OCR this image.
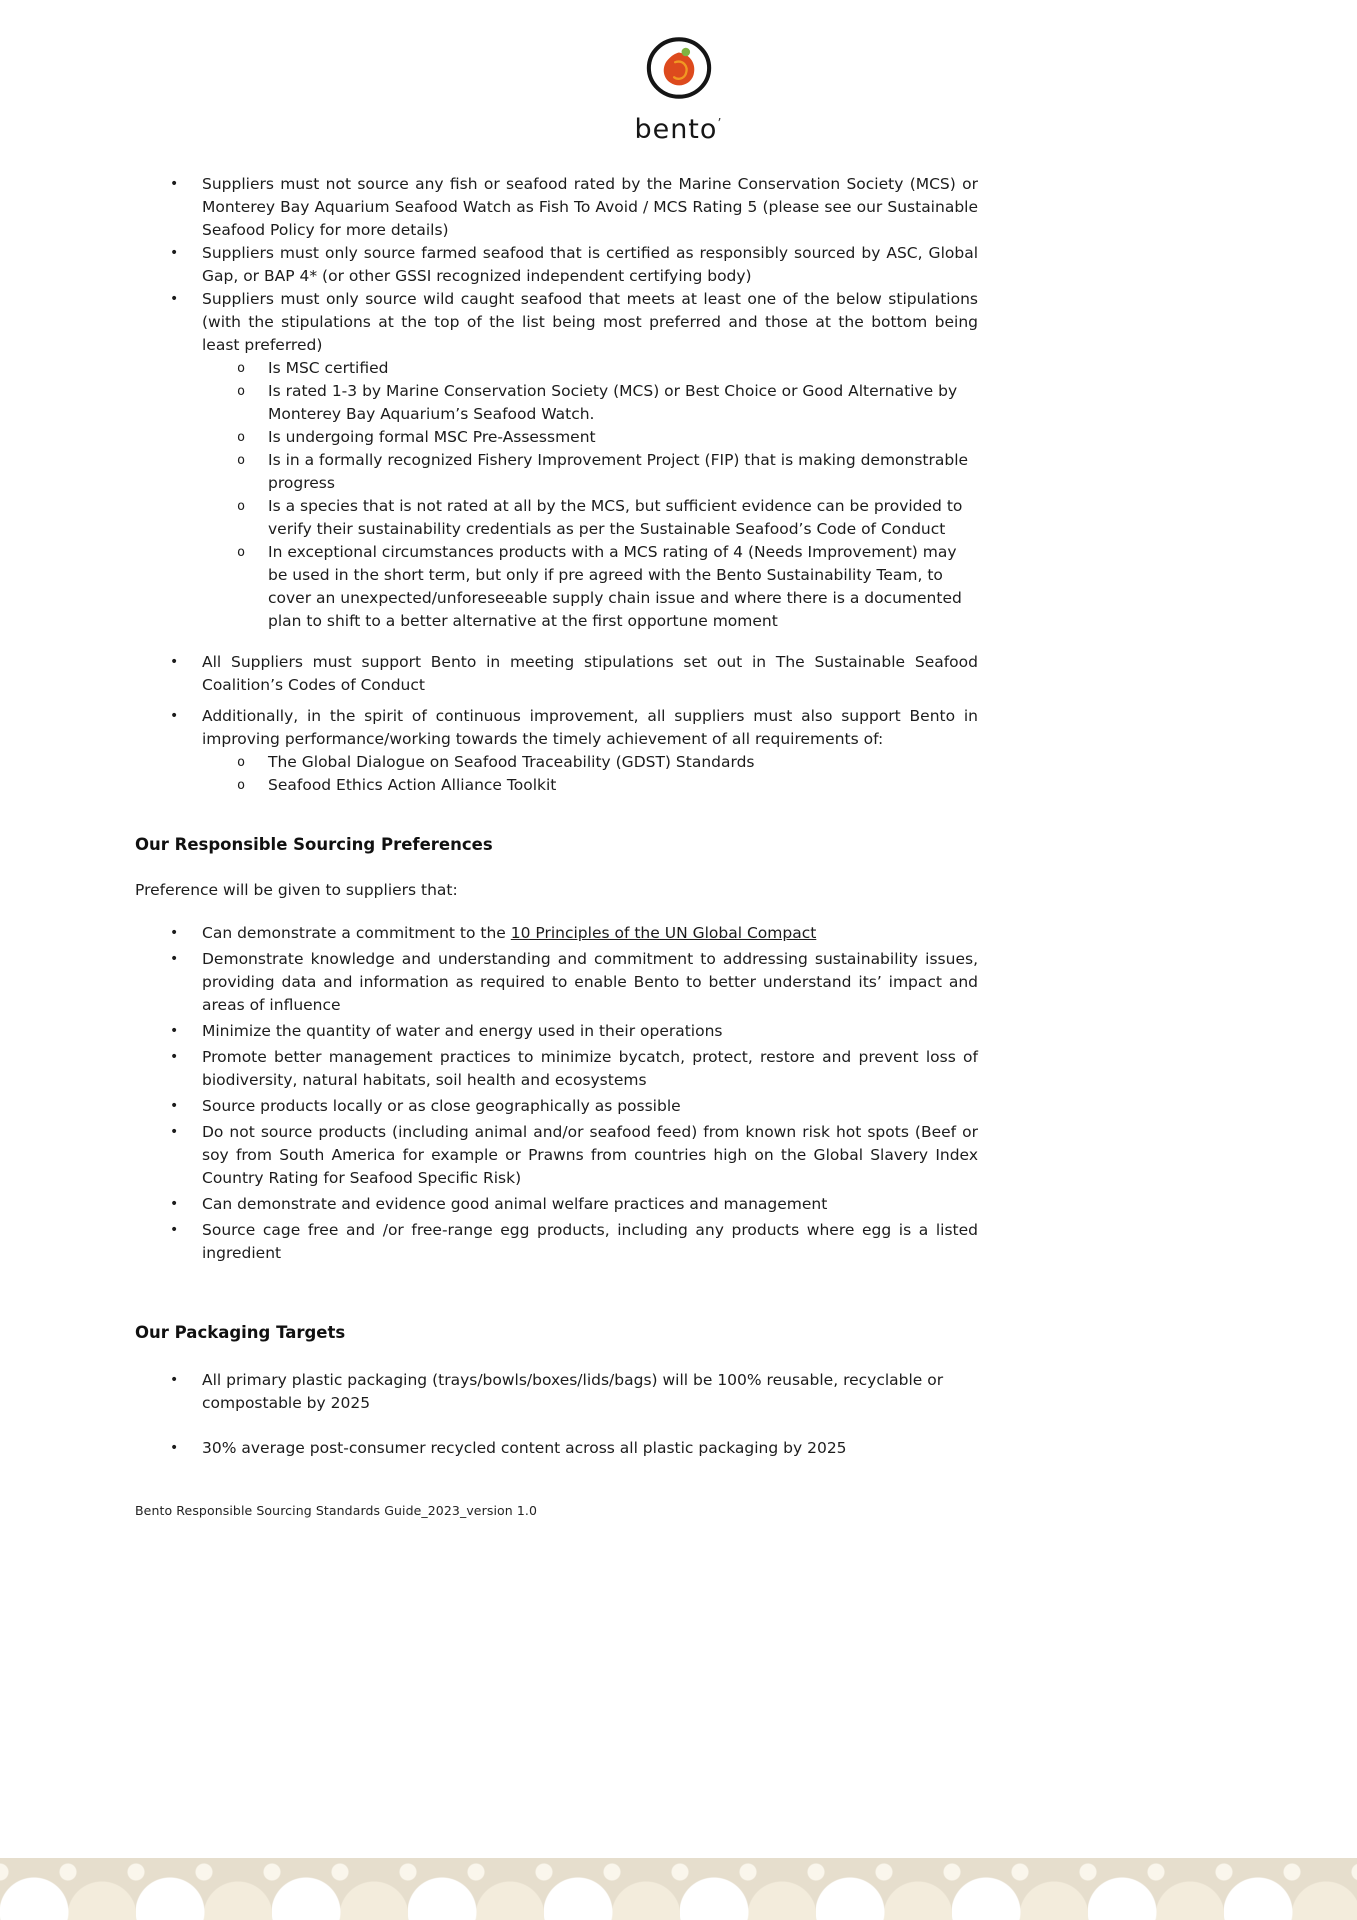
bento’
•	Suppliers must not source any fish or seafood rated by the Marine Conservation Society (MCS) or Monterey Bay Aquarium Seafood Watch as Fish To Avoid / MCS Rating 5 (please see our Sustainable Seafood Policy for more details)
•	Suppliers must only source farmed seafood that is certified as responsibly sourced by ASC, Global Gap, or BAP 4* (or other GSSI recognized independent certifying body)
•	Suppliers must only source wild caught seafood that meets at least one of the below stipulations (with the stipulations at the top of the list being most preferred and those at the bottom being least preferred)
o	Is MSC certified
o	Is rated 1-3 by Marine Conservation Society (MCS) or Best Choice or Good Alternative by Monterey Bay Aquarium’s Seafood Watch.
o	Is undergoing formal MSC Pre-Assessment
o	Is in a formally recognized Fishery Improvement Project (FIP) that is making demonstrable progress
o	Is a species that is not rated at all by the MCS, but sufficient evidence can be provided to verify their sustainability credentials as per the Sustainable Seafood’s Code of Conduct
o	In exceptional circumstances products with a MCS rating of 4 (Needs Improvement) may be used in the short term, but only if pre agreed with the Bento Sustainability Team, to cover an unexpected/unforeseeable supply chain issue and where there is a documented plan to shift to a better alternative at the first opportune moment
•	All Suppliers must support Bento in meeting stipulations set out in The Sustainable Seafood Coalition’s Codes of Conduct
•	Additionally, in the spirit of continuous improvement, all suppliers must also support Bento in improving performance/working towards the timely achievement of all requirements of:
o	The Global Dialogue on Seafood Traceability (GDST) Standards
o	Seafood Ethics Action Alliance Toolkit
Our Responsible Sourcing Preferences
Preference will be given to suppliers that:
•	Can demonstrate a commitment to the 10 Principles of the UN Global Compact
•	Demonstrate knowledge and understanding and commitment to addressing sustainability issues, providing data and information as required to enable Bento to better understand its’ impact and areas of influence
•	Minimize the quantity of water and energy used in their operations
•	Promote better management practices to minimize bycatch, protect, restore and prevent loss of biodiversity, natural habitats, soil health and ecosystems
•	Source products locally or as close geographically as possible
•	Do not source products (including animal and/or seafood feed) from known risk hot spots (Beef or soy from South America for example or Prawns from countries high on the Global Slavery Index Country Rating for Seafood Specific Risk)
•	Can demonstrate and evidence good animal welfare practices and management
•	Source cage free and /or free-range egg products, including any products where egg is a listed ingredient
Our Packaging Targets
•	All primary plastic packaging (trays/bowls/boxes/lids/bags) will be 100% reusable, recyclable or compostable by 2025
•	30% average post-consumer recycled content across all plastic packaging by 2025
Bento Responsible Sourcing Standards Guide_2023_version 1.0
